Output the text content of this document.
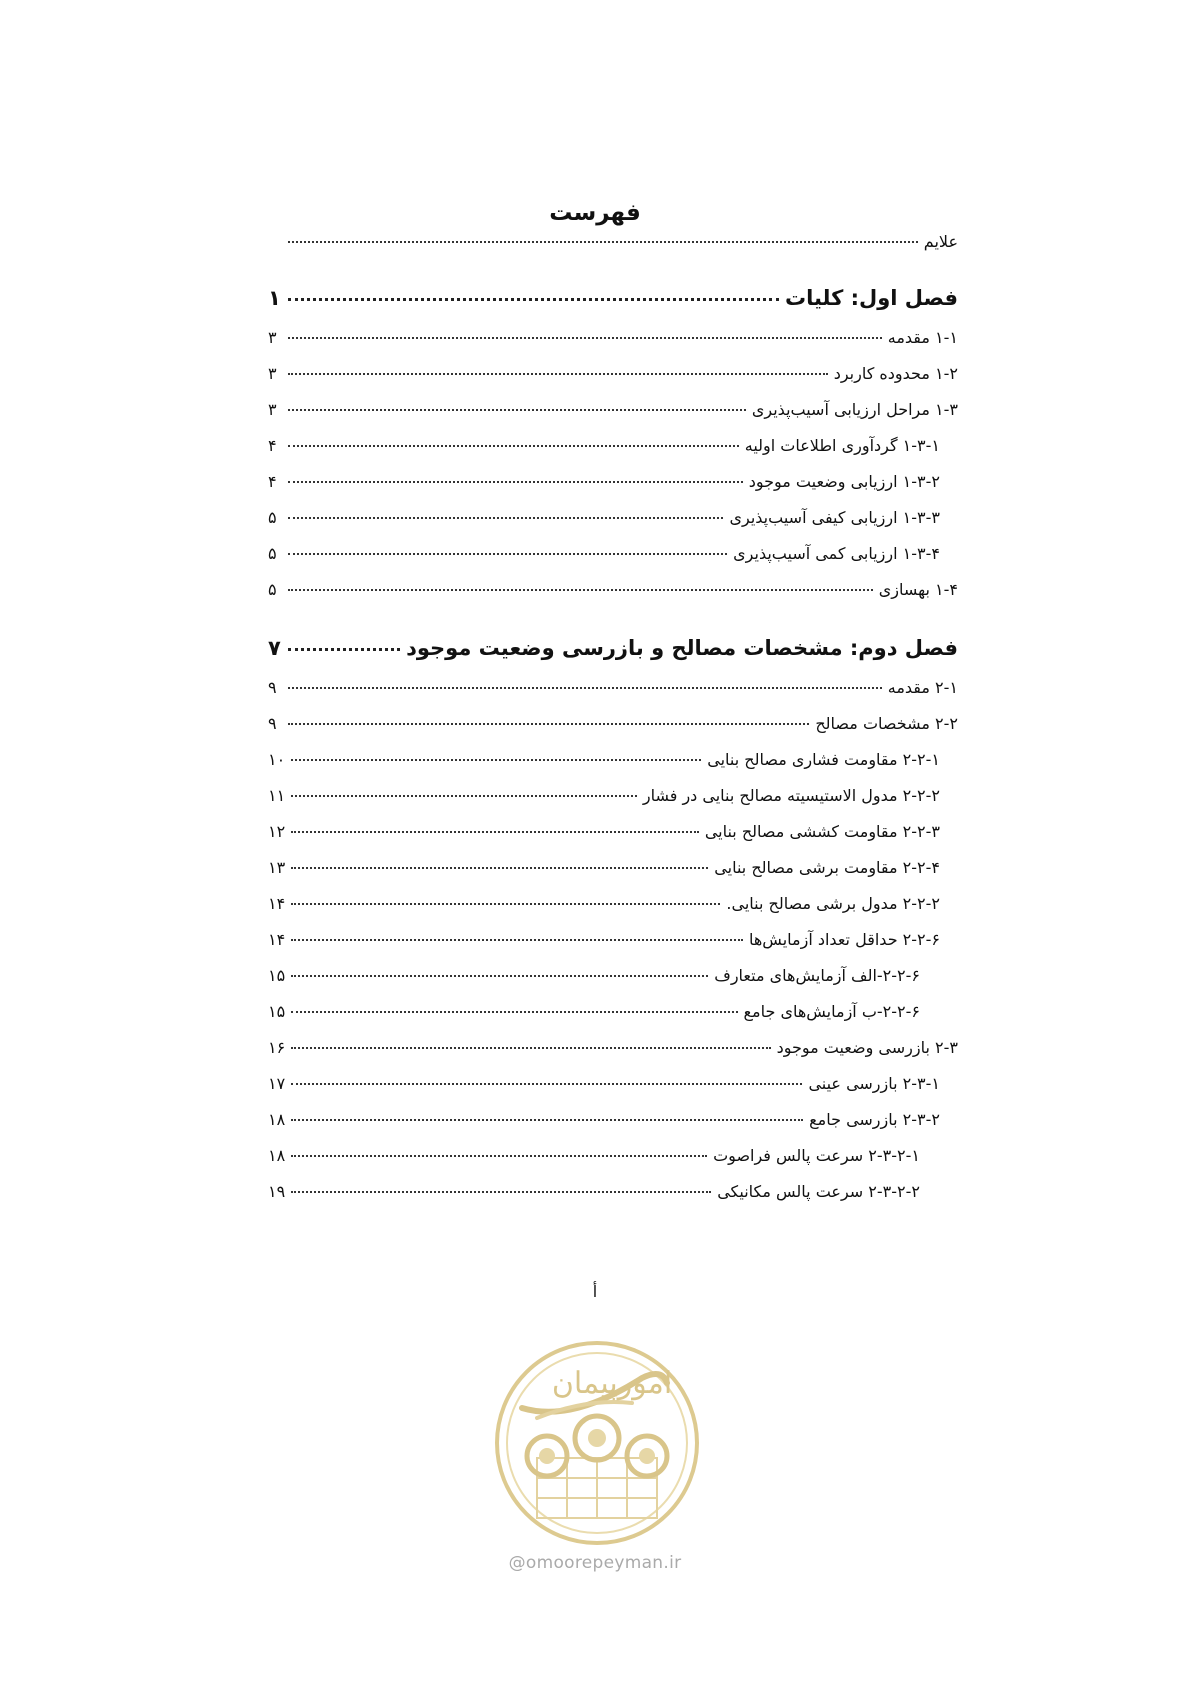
فهرست
علایم
فصل اول: کلیات
۱
۱-۱ مقدمه
۳
۱-۲ محدوده کاربرد
۳
۱-۳ مراحل ارزیابی آسیب‌پذیری
۳
۱-۳-۱ گردآوری اطلاعات اولیه
۴
۱-۳-۲ ارزیابی وضعیت موجود
۴
۱-۳-۳ ارزیابی کیفی آسیب‌پذیری
۵
۱-۳-۴ ارزیابی کمی آسیب‌پذیری
۵
۱-۴ بهسازی
۵
فصل دوم: مشخصات مصالح و بازرسی وضعیت موجود
۷
۲-۱ مقدمه
۹
۲-۲ مشخصات مصالح
۹
۲-۲-۱ مقاومت فشاری مصالح بنایی
۱۰
۲-۲-۲ مدول الاستیسیته مصالح بنایی در فشار
۱۱
۲-۲-۳ مقاومت کششی مصالح بنایی
۱۲
۲-۲-۴ مقاومت برشی مصالح بنایی
۱۳
۲-۲-۲ مدول برشی مصالح بنایی.
۱۴
۲-۲-۶ حداقل تعداد آزمایش‌ها
۱۴
۲-۲-۶-الف آزمایش‌های متعارف
۱۵
۲-۲-۶-ب آزمایش‌های جامع
۱۵
۲-۳ بازرسی وضعیت موجود
۱۶
۲-۳-۱ بازرسی عینی
۱۷
۲-۳-۲ بازرسی جامع
۱۸
۲-۳-۲-۱ سرعت پالس فراصوت
۱۸
۲-۳-۲-۲ سرعت پالس مکانیکی
۱۹
أ
امورپیمان
@omoorepeyman.ir
